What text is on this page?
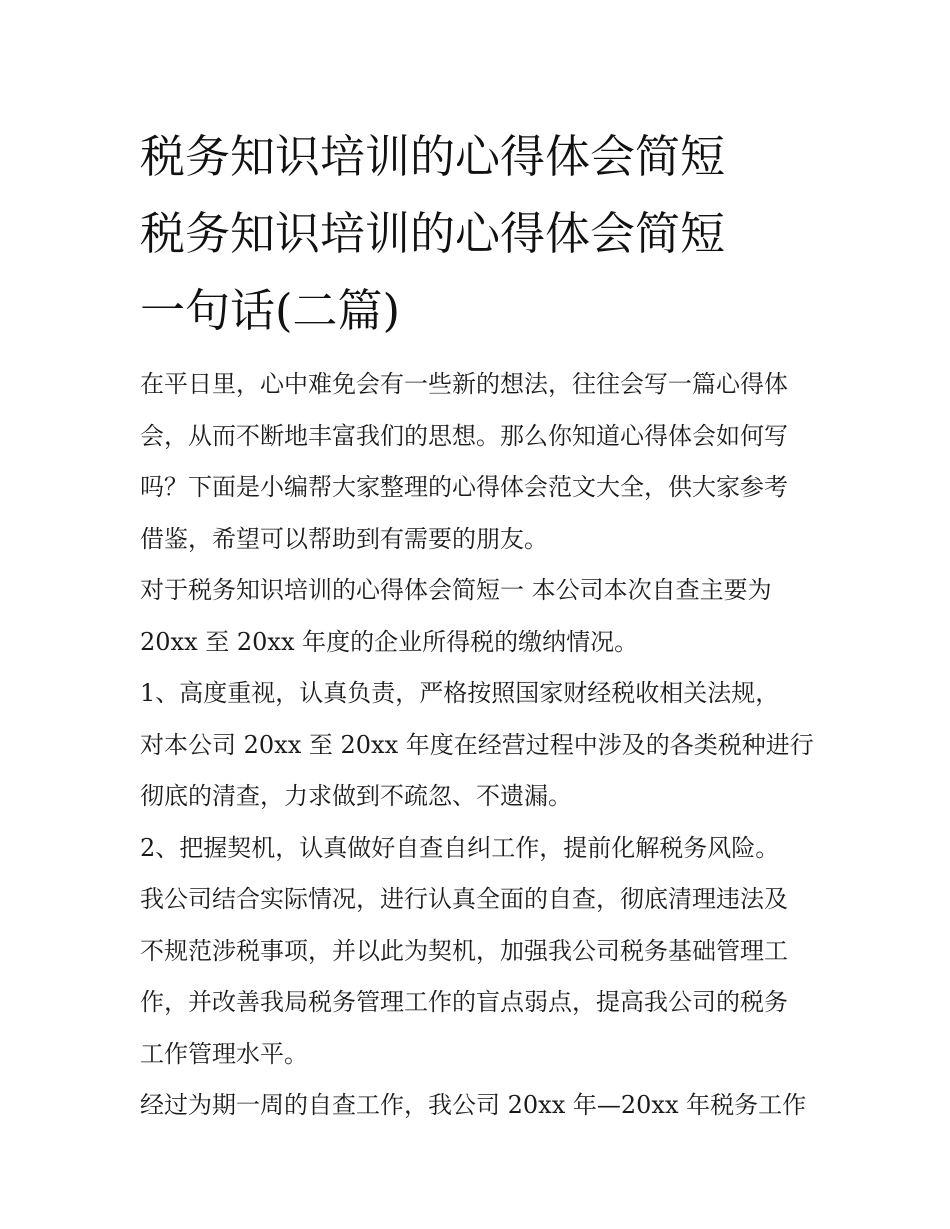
税务知识培训的心得体会简短
税务知识培训的心得体会简短
一句话(二篇)

在平日里，心中难免会有一些新的想法，往往会写一篇心得体
会，从而不断地丰富我们的思想。那么你知道心得体会如何写
吗？下面是小编帮大家整理的心得体会范文大全，供大家参考
借鉴，希望可以帮助到有需要的朋友。

对于税务知识培训的心得体会简短一 本公司本次自查主要为
20xx 至 20xx 年度的企业所得税的缴纳情况。

1、高度重视，认真负责，严格按照国家财经税收相关法规，
对本公司 20xx 至 20xx 年度在经营过程中涉及的各类税种进行
彻底的清查，力求做到不疏忽、不遗漏。

2、把握契机，认真做好自查自纠工作，提前化解税务风险。
我公司结合实际情况，进行认真全面的自查，彻底清理违法及
不规范涉税事项，并以此为契机，加强我公司税务基础管理工
作，并改善我局税务管理工作的盲点弱点，提高我公司的税务
工作管理水平。

经过为期一周的自查工作，我公司 20xx 年—20xx 年税务工作
